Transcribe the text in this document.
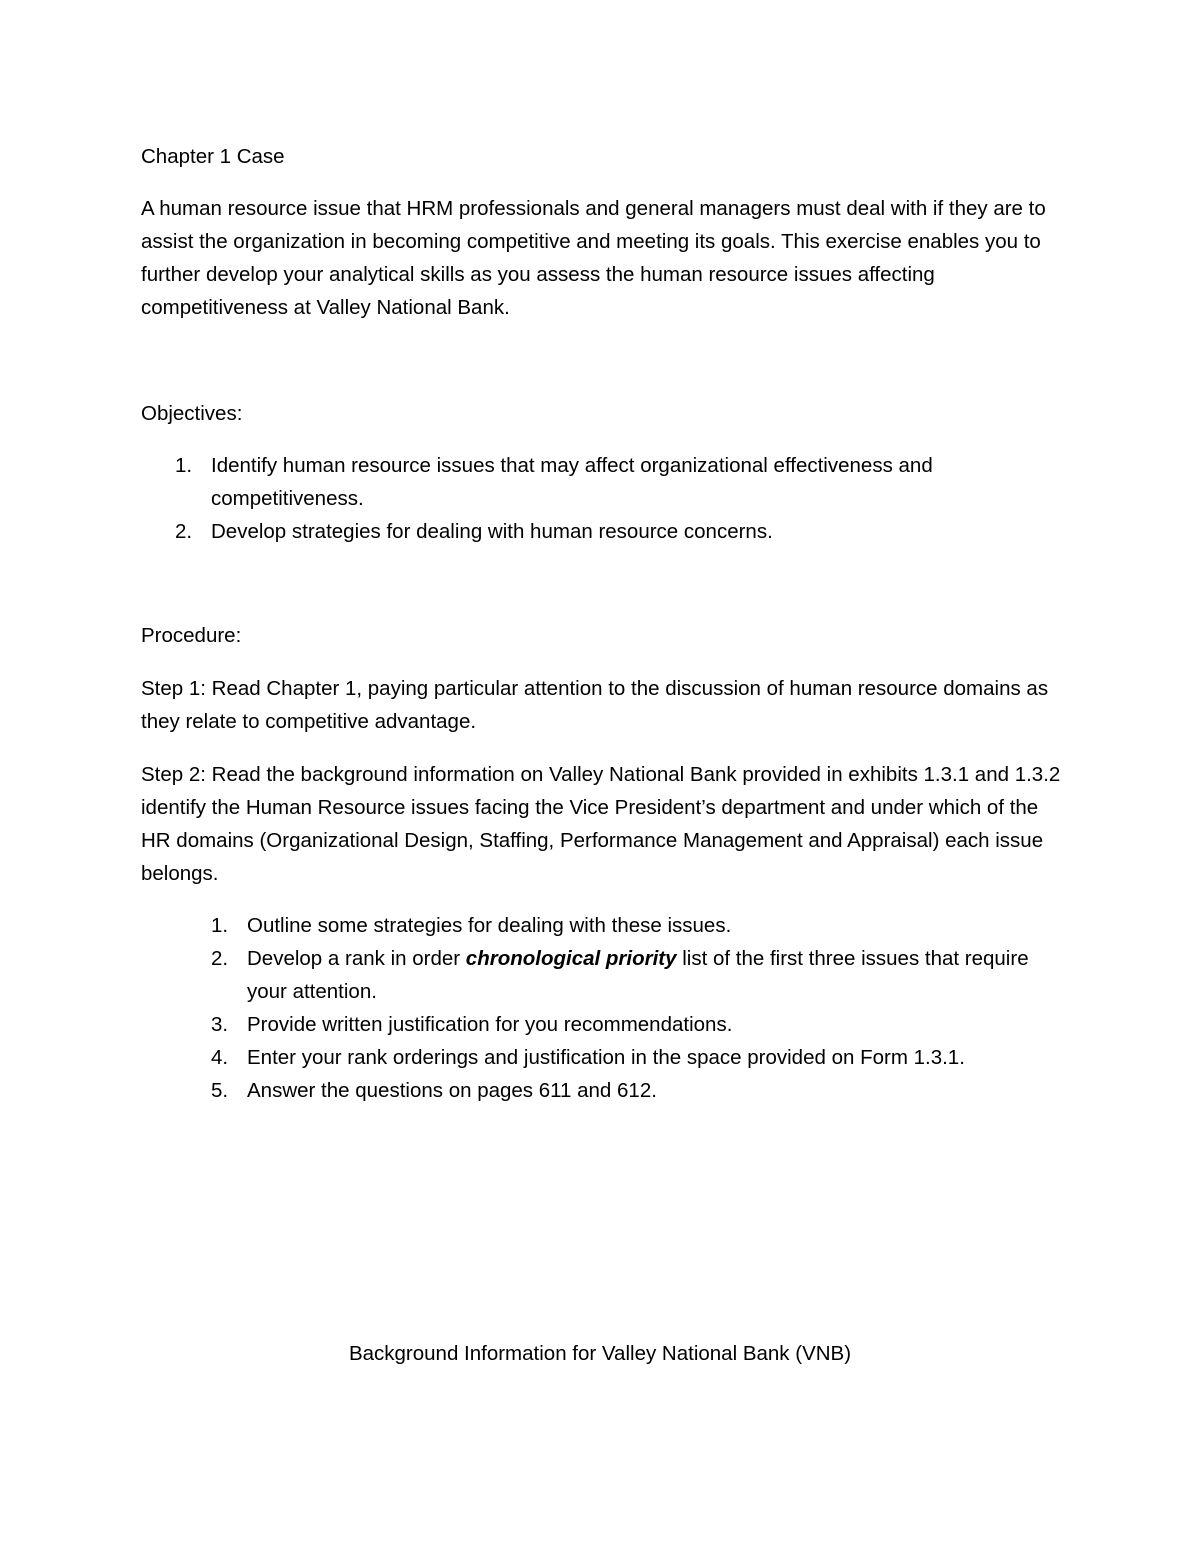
Chapter 1 Case

A human resource issue that HRM professionals and general managers must deal with if they are to assist the organization in becoming competitive and meeting its goals. This exercise enables you to further develop your analytical skills as you assess the human resource issues affecting competitiveness at Valley National Bank.

Objectives:

1. Identify human resource issues that may affect organizational effectiveness and competitiveness.
2. Develop strategies for dealing with human resource concerns.

Procedure:

Step 1: Read Chapter 1, paying particular attention to the discussion of human resource domains as they relate to competitive advantage.

Step 2: Read the background information on Valley National Bank provided in exhibits 1.3.1 and 1.3.2 identify the Human Resource issues facing the Vice President’s department and under which of the HR domains (Organizational Design, Staffing, Performance Management and Appraisal) each issue belongs.

1. Outline some strategies for dealing with these issues.
2. Develop a rank in order chronological priority list of the first three issues that require your attention.
3. Provide written justification for you recommendations.
4. Enter your rank orderings and justification in the space provided on Form 1.3.1.
5. Answer the questions on pages 611 and 612.

Background Information for Valley National Bank (VNB)
